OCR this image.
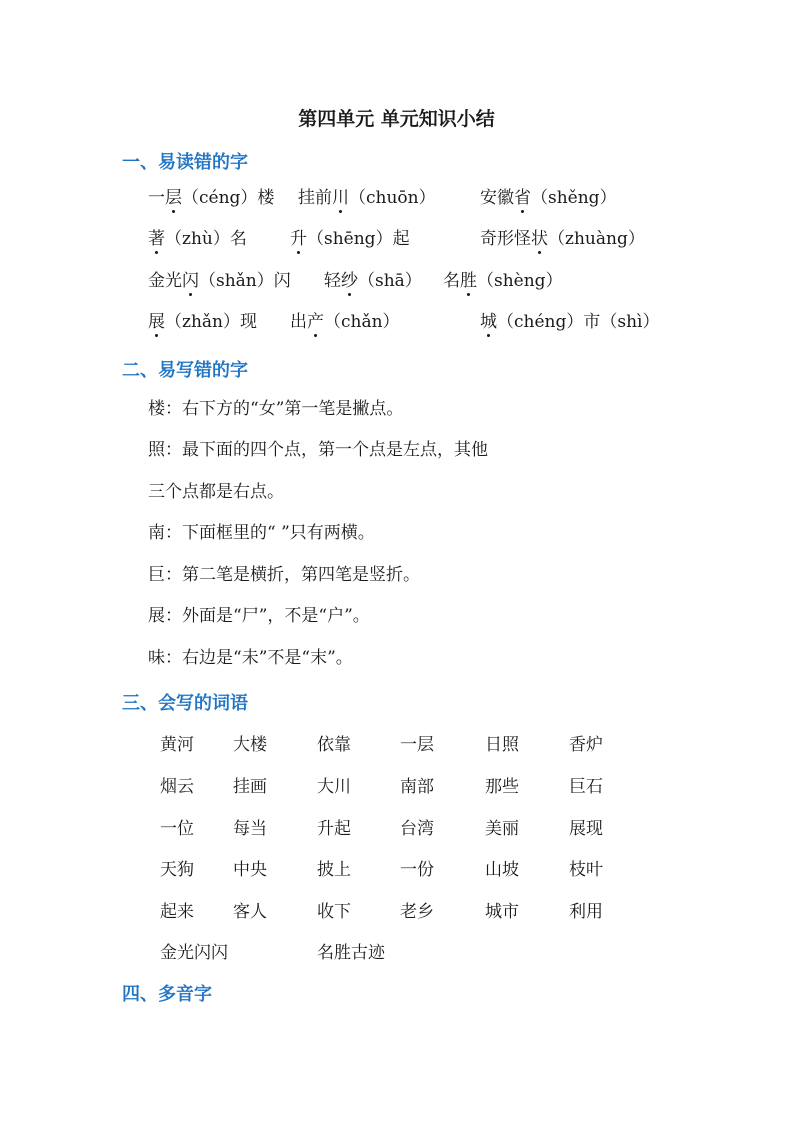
第四单元 单元知识小结
一、易读错的字
一层（céng）楼 挂前川（chuōn）	安徽省（shěng）
著（zhù）名	升（shēng）起	奇形怪状（zhuàng）
金光闪（shǎn）闪 轻纱（shā） 名胜（shèng）
展（zhǎn）现 出产（chǎn）	城（chéng）市（shì）
二、易写错的字
楼：右下方的“女”第一笔是撇点。
照：最下面的四个点，第一个点是左点，其他
三个点都是右点。
南：下面框里的“ ”只有两横。
巨：第二笔是横折，第四笔是竖折。
展：外面是“尸”，不是“户”。
味：右边是“未”不是“末”。
三、会写的词语
黄河 大楼	依靠	一层	日照	香炉
烟云 挂画	大川	南部	那些	巨石
一位 每当	升起	台湾	美丽	展现
天狗 中央	披上	一份	山坡	枝叶
起来 客人	收下	老乡	城市	利用
金光闪闪	名胜古迹
四、多音字
